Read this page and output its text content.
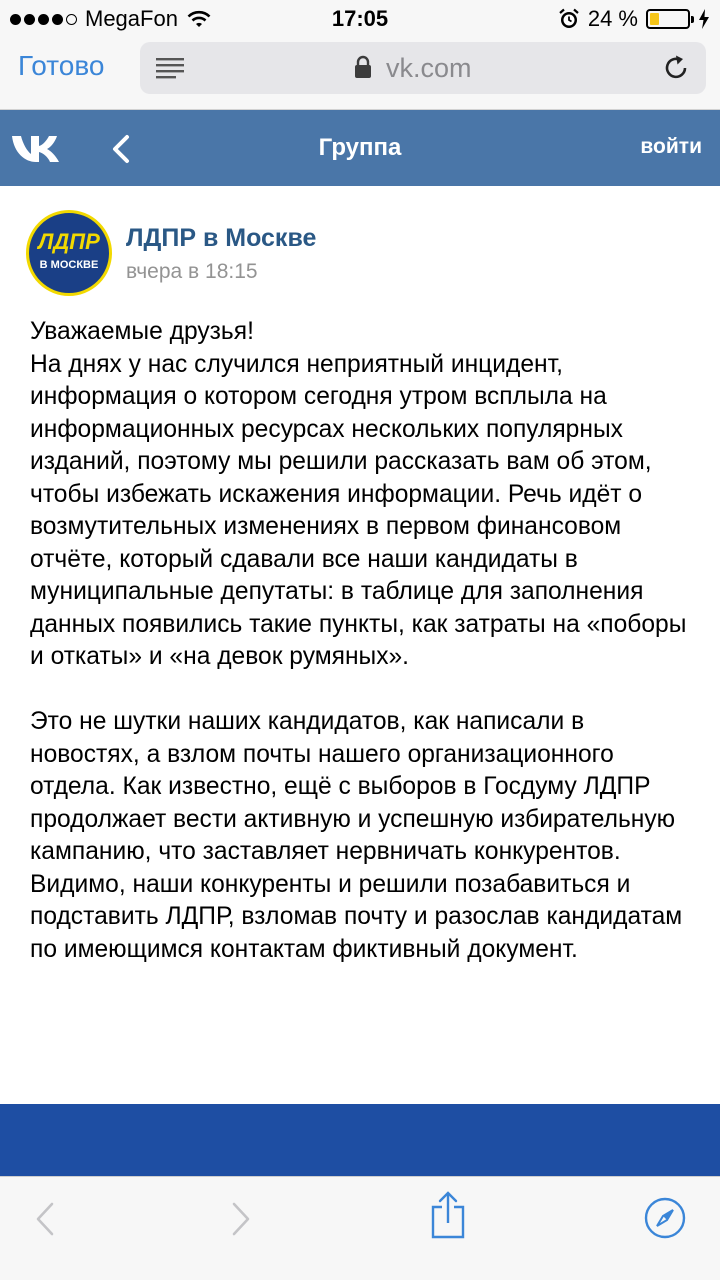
MegaFon	17:05	24 %
Готово	vk.com
Группа	войти
ЛДПР
В МОСКВЕ
ЛДПР в Москве
вчера в 18:15
Уважаемые друзья!
На днях у нас случился неприятный инцидент, информация о котором сегодня утром всплыла на информационных ресурсах нескольких популярных изданий, поэтому мы решили рассказать вам об этом, чтобы избежать искажения информации. Речь идёт о возмутительных изменениях в первом финансовом отчёте, который сдавали все наши кандидаты в муниципальные депутаты: в таблице для заполнения данных появились такие пункты, как затраты на «поборы и откаты» и «на девок румяных».

Это не шутки наших кандидатов, как написали в новостях, а взлом почты нашего организационного отдела. Как известно, ещё с выборов в Госдуму ЛДПР продолжает вести активную и успешную избирательную кампанию, что заставляет нервничать конкурентов. Видимо, наши конкуренты и решили позабавиться и подставить ЛДПР, взломав почту и разослав кандидатам по имеющимся контактам фиктивный документ.
